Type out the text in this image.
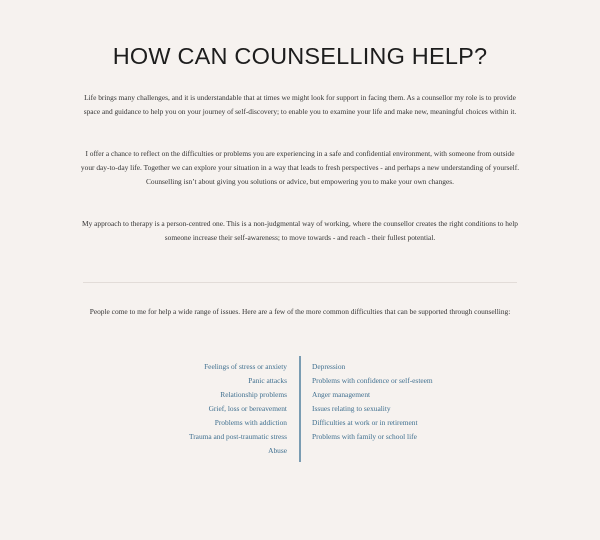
HOW CAN COUNSELLING HELP?

Life brings many challenges, and it is understandable that at times we might look for support in facing them. As a counsellor my role is to provide space and guidance to help you on your journey of self-discovery; to enable you to examine your life and make new, meaningful choices within it.

I offer a chance to reflect on the difficulties or problems you are experiencing in a safe and confidential environment, with someone from outside your day-to-day life. Together we can explore your situation in a way that leads to fresh perspectives - and perhaps a new understanding of yourself. Counselling isn’t about giving you solutions or advice, but empowering you to make your own changes.

My approach to therapy is a person-centred one. This is a non-judgmental way of working, where the counsellor creates the right conditions to help someone increase their self-awareness; to move towards - and reach - their fullest potential.

People come to me for help a wide range of issues. Here are a few of the more common difficulties that can be supported through counselling:

Feelings of stress or anxiety
Panic attacks
Relationship problems
Grief, loss or bereavement
Problems with addiction
Trauma and post-traumatic stress
Abuse
Depression
Problems with confidence or self-esteem
Anger management
Issues relating to sexuality
Difficulties at work or in retirement
Problems with family or school life
